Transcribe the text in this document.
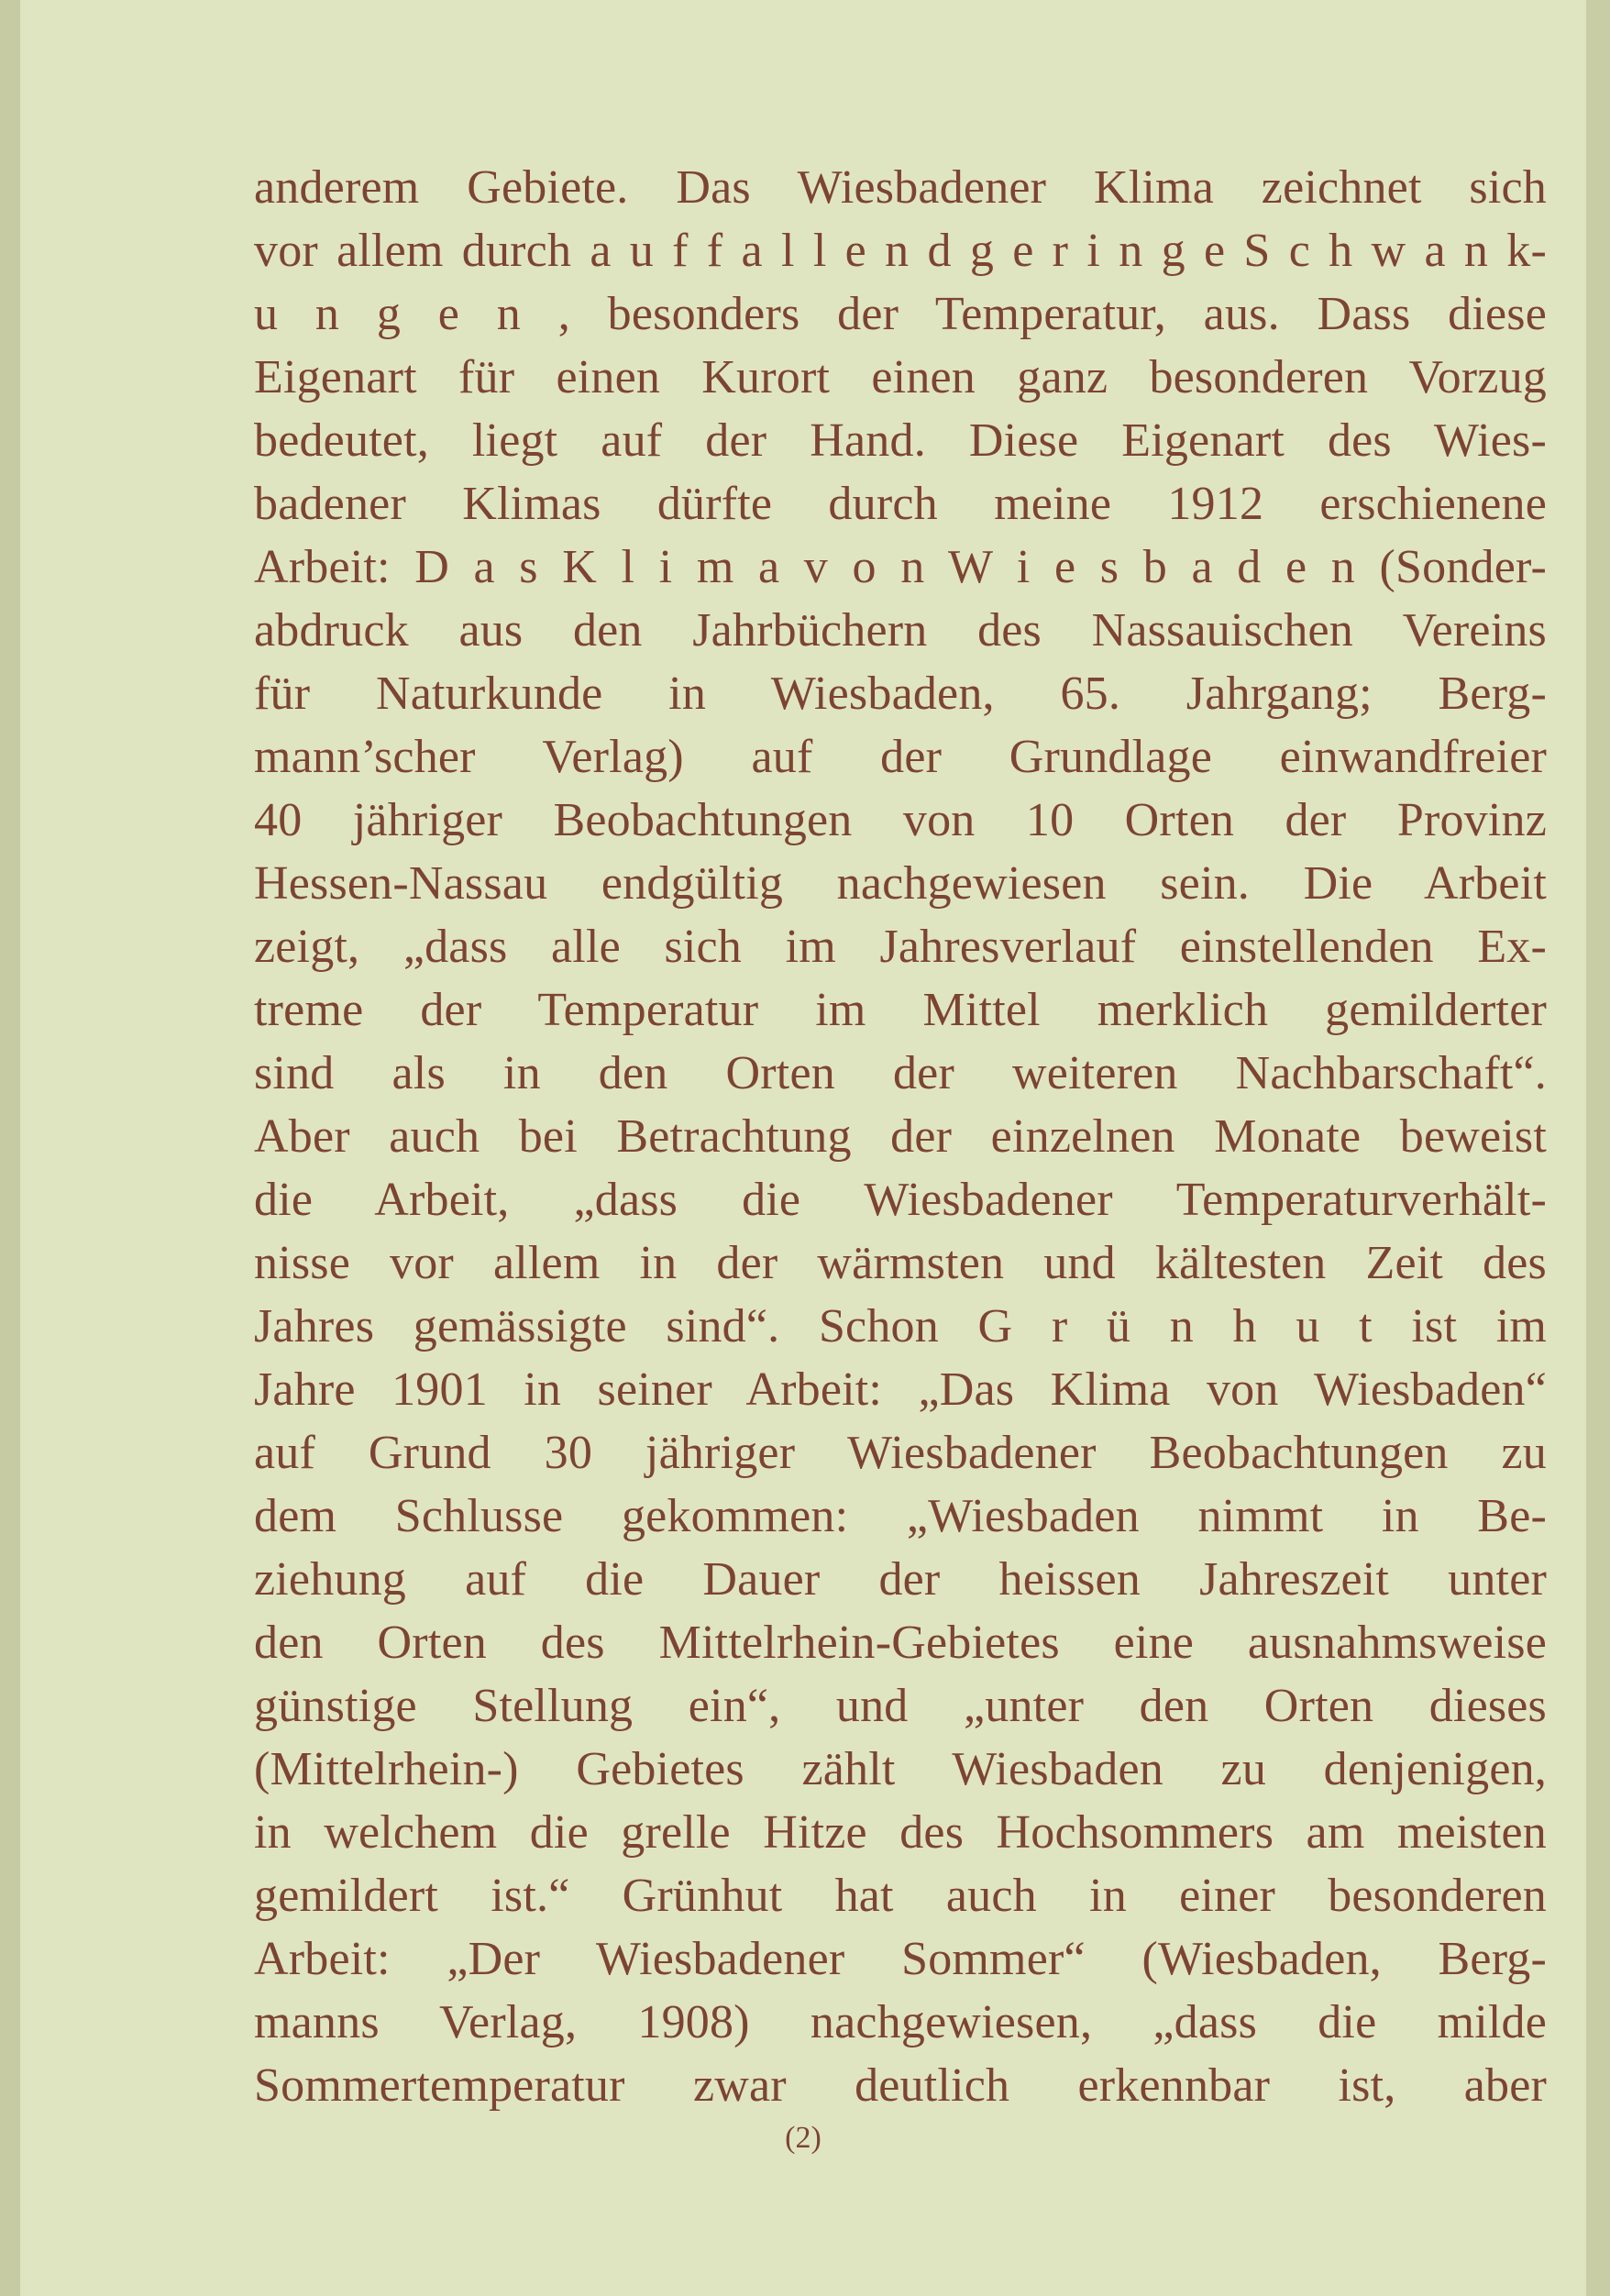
anderem Gebiete. Das Wiesbadener Klima zeichnet sich
vor allem durch a u f f a l l e n d g e r i n g e S c h w a n k-
u n g e n , besonders der Temperatur, aus. Dass diese
Eigenart für einen Kurort einen ganz besonderen Vorzug
bedeutet, liegt auf der Hand. Diese Eigenart des Wies-
badener Klimas dürfte durch meine 1912 erschienene
Arbeit: D a s K l i m a v o n W i e s b a d e n (Sonder-
abdruck aus den Jahrbüchern des Nassauischen Vereins
für Naturkunde in Wiesbaden, 65. Jahrgang; Berg-
mann’scher Verlag) auf der Grundlage einwandfreier
40 jähriger Beobachtungen von 10 Orten der Provinz
Hessen-Nassau endgültig nachgewiesen sein. Die Arbeit
zeigt, „dass alle sich im Jahresverlauf einstellenden Ex-
treme der Temperatur im Mittel merklich gemilderter
sind als in den Orten der weiteren Nachbarschaft“.
Aber auch bei Betrachtung der einzelnen Monate beweist
die Arbeit, „dass die Wiesbadener Temperaturverhält-
nisse vor allem in der wärmsten und kältesten Zeit des
Jahres gemässigte sind“. Schon G r ü n h u t ist im
Jahre 1901 in seiner Arbeit: „Das Klima von Wiesbaden“
auf Grund 30 jähriger Wiesbadener Beobachtungen zu
dem Schlusse gekommen: „Wiesbaden nimmt in Be-
ziehung auf die Dauer der heissen Jahreszeit unter
den Orten des Mittelrhein-Gebietes eine ausnahmsweise
günstige Stellung ein“, und „unter den Orten dieses
(Mittelrhein-) Gebietes zählt Wiesbaden zu denjenigen,
in welchem die grelle Hitze des Hochsommers am meisten
gemildert ist.“ Grünhut hat auch in einer besonderen
Arbeit: „Der Wiesbadener Sommer“ (Wiesbaden, Berg-
manns Verlag, 1908) nachgewiesen, „dass die milde
Sommertemperatur zwar deutlich erkennbar ist, aber
(2)
